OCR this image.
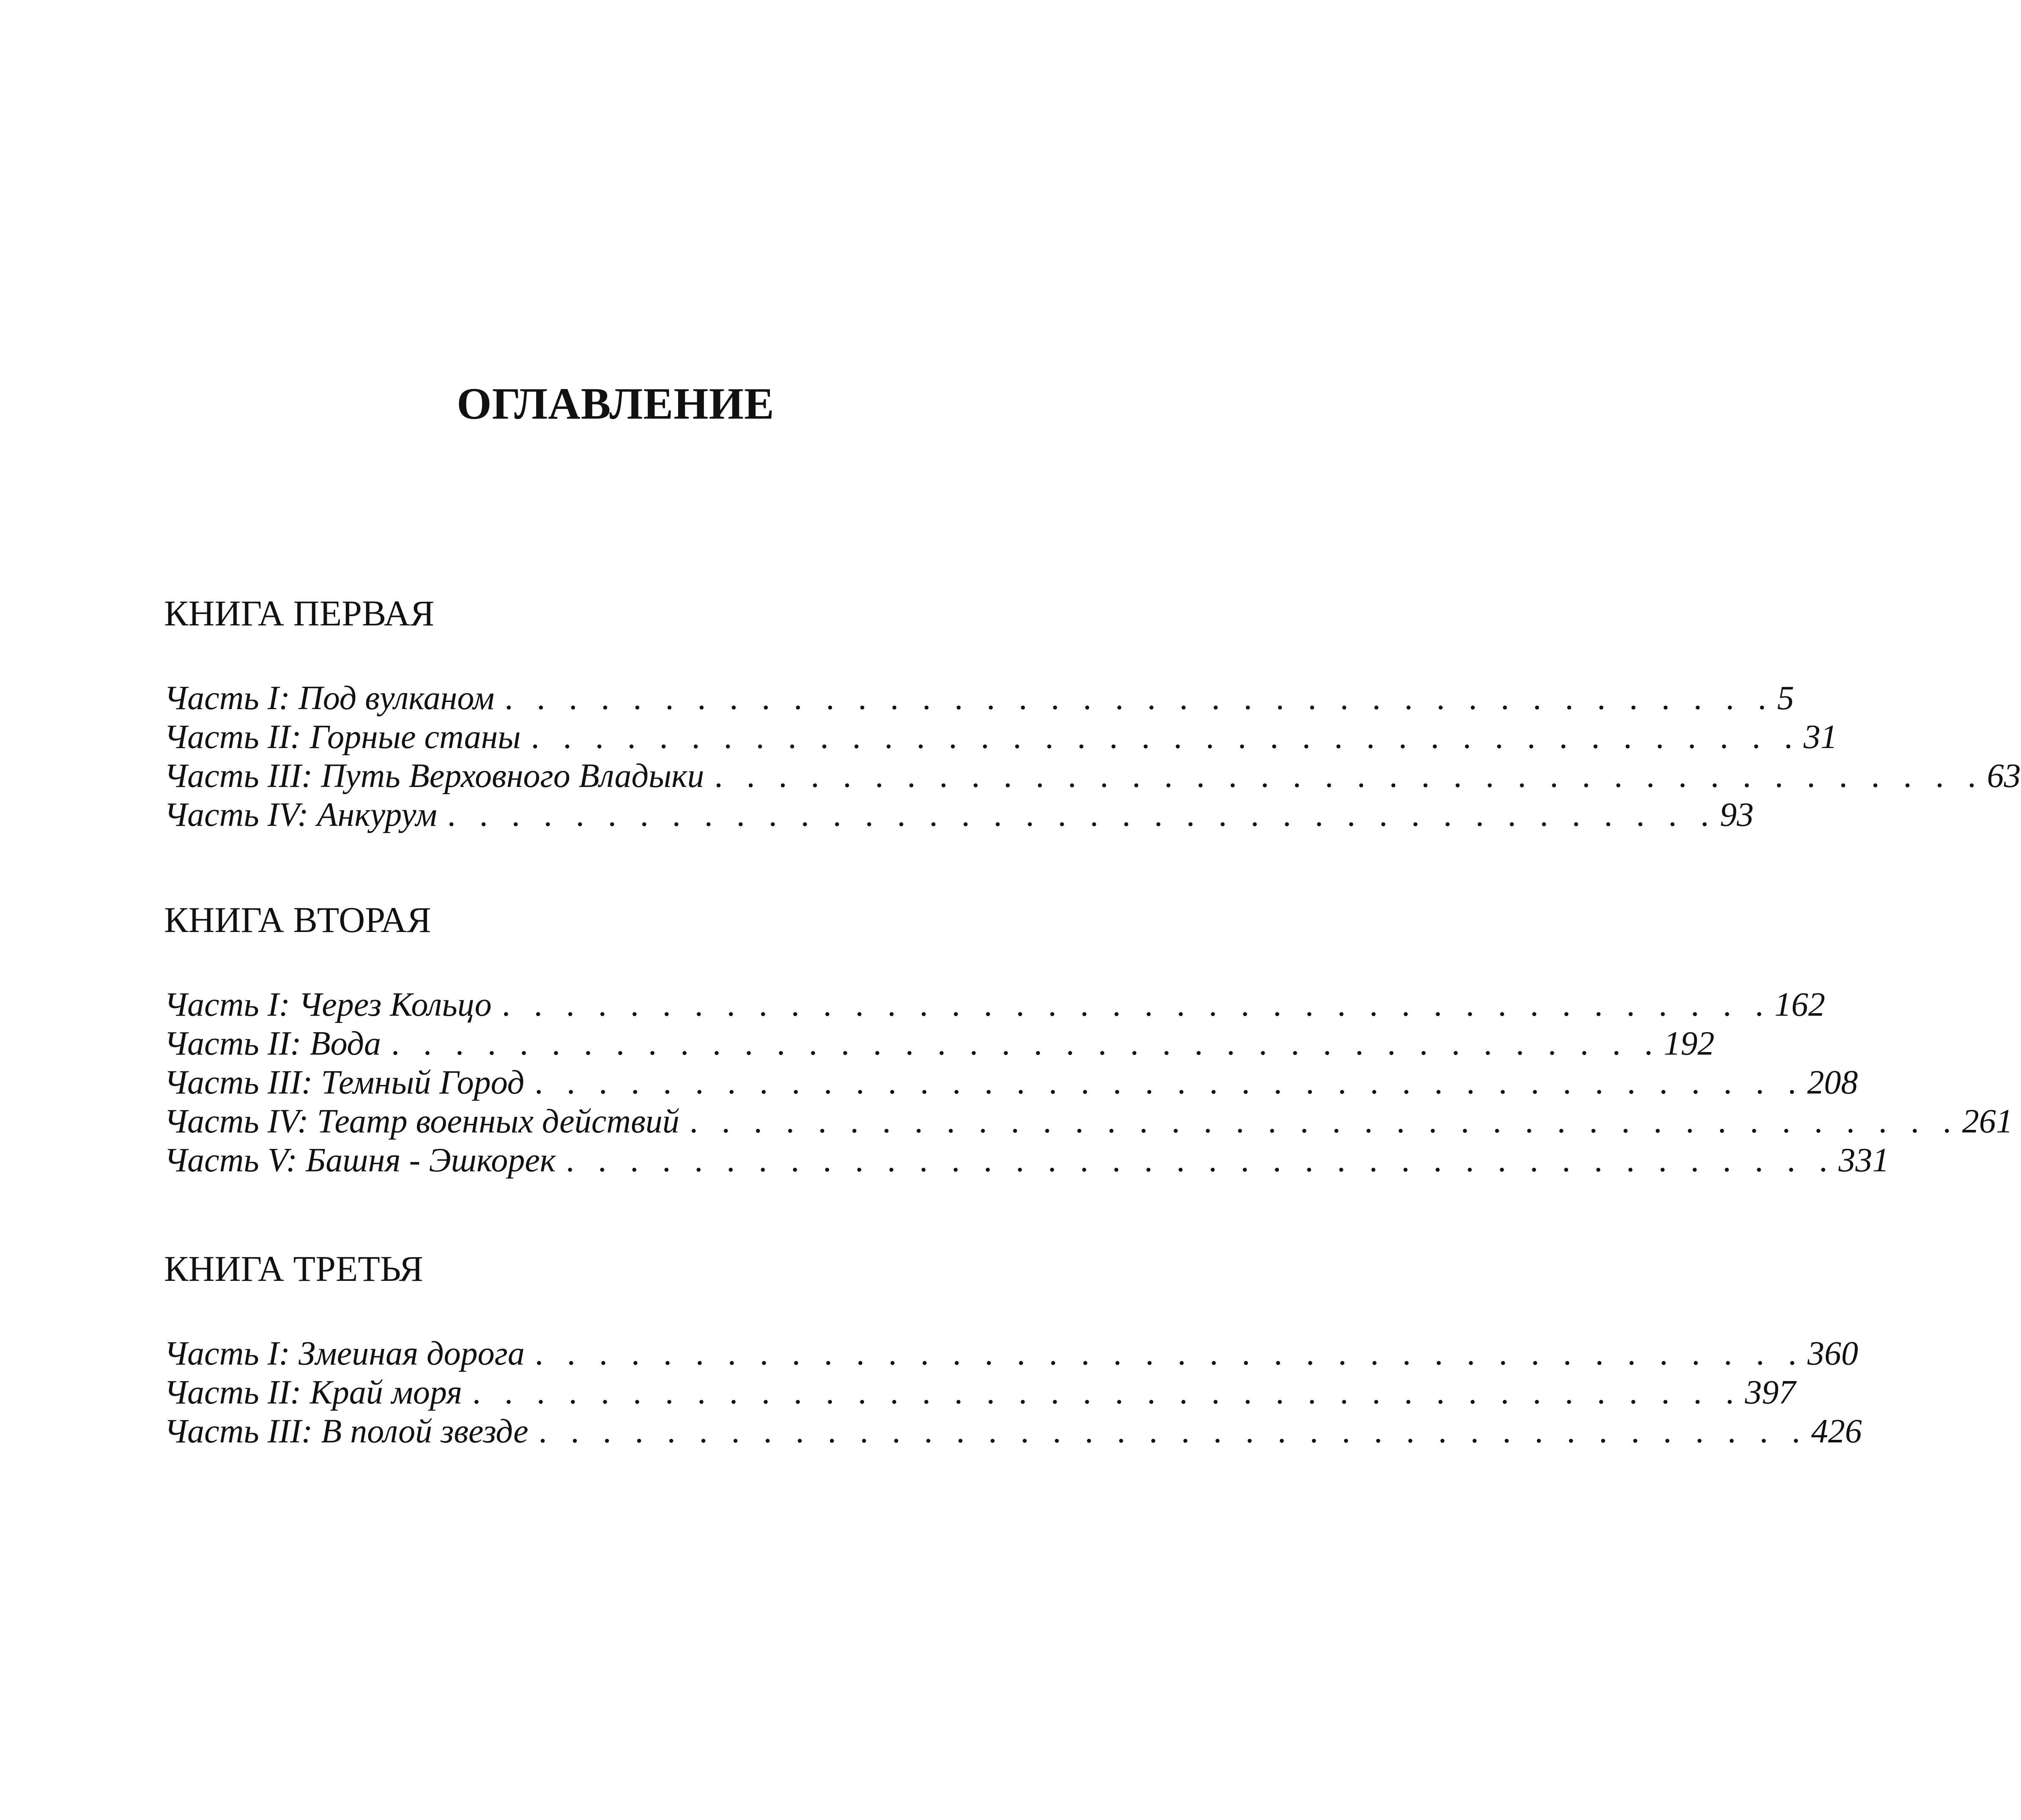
ОГЛАВЛЕНИЕ
КНИГА ПЕРВАЯ
Часть I: Под вулканом . . . . . . . . . . . . . . . . . . . . . . . . . . . . . . . . . . . . . . . . 5
Часть II: Горные станы . . . . . . . . . . . . . . . . . . . . . . . . . . . . . . . . . . . . . . . . 31
Часть III: Путь Верховного Владыки . . . . . . . . . . . . . . . . . . . . . . . . . . . . . . . . . . . . . . . . 63
Часть IV: Анкурум . . . . . . . . . . . . . . . . . . . . . . . . . . . . . . . . . . . . . . . . 93
КНИГА ВТОРАЯ
Часть I: Через Кольцо . . . . . . . . . . . . . . . . . . . . . . . . . . . . . . . . . . . . . . . . 162
Часть II: Вода . . . . . . . . . . . . . . . . . . . . . . . . . . . . . . . . . . . . . . . . 192
Часть III: Темный Город . . . . . . . . . . . . . . . . . . . . . . . . . . . . . . . . . . . . . . . . 208
Часть IV: Театр военных действий . . . . . . . . . . . . . . . . . . . . . . . . . . . . . . . . . . . . . . . . 261
Часть V: Башня - Эшкорек . . . . . . . . . . . . . . . . . . . . . . . . . . . . . . . . . . . . . . . . 331
КНИГА ТРЕТЬЯ
Часть I: Змеиная дорога . . . . . . . . . . . . . . . . . . . . . . . . . . . . . . . . . . . . . . . . 360
Часть II: Край моря . . . . . . . . . . . . . . . . . . . . . . . . . . . . . . . . . . . . . . . . 397
Часть III: В полой звезде . . . . . . . . . . . . . . . . . . . . . . . . . . . . . . . . . . . . . . . . 426
